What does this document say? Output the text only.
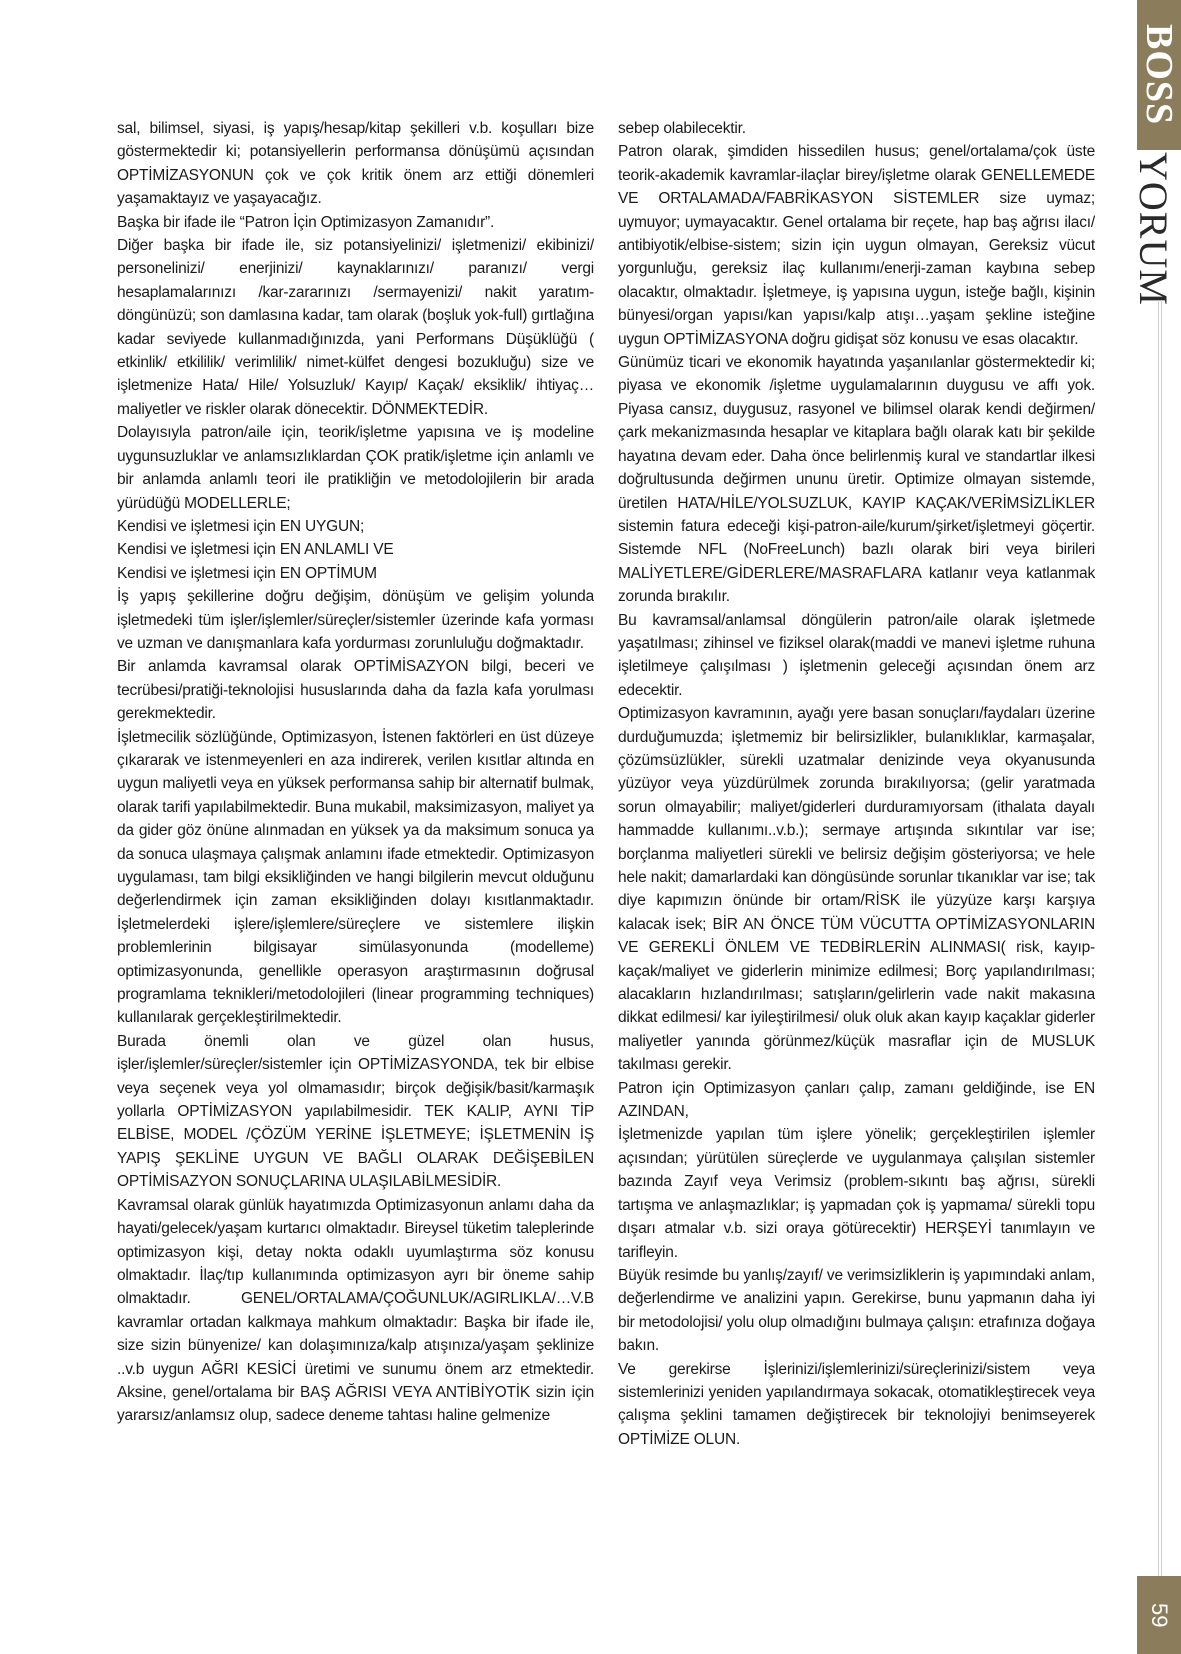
sal, bilimsel, siyasi, iş yapış/hesap/kitap şekilleri v.b. koşulları bize göstermektedir ki; potansiyellerin performansa dönüşümü açısından OPTİMİZASYONUN çok ve çok kritik önem arz ettiği dönemleri yaşamaktayız ve yaşayacağız.

Başka bir ifade ile “Patron İçin Optimizasyon Zamanıdır”.

Diğer başka bir ifade ile, siz potansiyelinizi/ işletmenizi/ ekibinizi/ personelinizi/ enerjinizi/ kaynaklarınızı/ paranızı/ vergi hesaplamalarınızı /kar-zararınızı /sermayenizi/ nakit yaratım-döngünüzü; son damlasına kadar, tam olarak (boşluk yok-full) gırtlağına kadar seviyede kullanmadığınızda, yani Performans Düşüklüğü ( etkinlik/ etkililik/ verimlilik/ nimet-külfet dengesi bozukluğu) size ve işletmenize Hata/ Hile/ Yolsuzluk/ Kayıp/ Kaçak/ eksiklik/ ihtiyaç… maliyetler ve riskler olarak dönecektir. DÖNMEKTEDİR.

Dolayısıyla patron/aile için, teorik/işletme yapısına ve iş modeline uygunsuzluklar ve anlamsızlıklardan ÇOK pratik/işletme için anlamlı ve bir anlamda anlamlı teori ile pratikliğin ve metodolojilerin bir arada yürüdüğü MODELLERLE;

Kendisi ve işletmesi için EN UYGUN;

Kendisi ve işletmesi için EN ANLAMLI VE

Kendisi ve işletmesi için EN OPTİMUM

İş yapış şekillerine doğru değişim, dönüşüm ve gelişim yolunda işletmedeki tüm işler/işlemler/süreçler/sistemler üzerinde kafa yorması ve uzman ve danışmanlara kafa yordurması zorunluluğu doğmaktadır.

Bir anlamda kavramsal olarak OPTİMİSAZYON bilgi, beceri ve tecrübesi/pratiği-teknolojisi hususlarında daha da fazla kafa yorulması gerekmektedir.

İşletmecilik sözlüğünde, Optimizasyon, İstenen faktörleri en üst düzeye çıkararak ve istenmeyenleri en aza indirerek, verilen kısıtlar altında en uygun maliyetli veya en yüksek performansa sahip bir alternatif bulmak, olarak tarifi yapılabilmektedir. Buna mukabil, maksimizasyon, maliyet ya da gider göz önüne alınmadan en yüksek ya da maksimum sonuca ya da sonuca ulaşmaya çalışmak anlamını ifade etmektedir. Optimizasyon uygulaması, tam bilgi eksikliğinden ve hangi bilgilerin mevcut olduğunu değerlendirmek için zaman eksikliğinden dolayı kısıtlanmaktadır. İşletmelerdeki işlere/işlemlere/süreçlere ve sistemlere ilişkin problemlerinin bilgisayar simülasyonunda (modelleme) optimizasyonunda, genellikle operasyon araştırmasının doğrusal programlama teknikleri/metodolojileri (linear programming techniques) kullanılarak gerçekleştirilmektedir.

Burada önemli olan ve güzel olan husus, işler/işlemler/süreçler/sistemler için OPTİMİZASYONDA, tek bir elbise veya seçenek veya yol olmamasıdır; birçok değişik/basit/karmaşık yollarla OPTİMİZASYON yapılabilmesidir. TEK KALIP, AYNI TİP ELBİSE, MODEL /ÇÖZÜM YERİNE İŞLETMEYE; İŞLETMENİN İŞ YAPIŞ ŞEKLİNE UYGUN VE BAĞLI OLARAK DEĞİŞEBİLEN OPTİMİSAZYON SONUÇLARINA ULAŞILABİLMESİDİR.

Kavramsal olarak günlük hayatımızda Optimizasyonun anlamı daha da hayati/gelecek/yaşam kurtarıcı olmaktadır. Bireysel tüketim taleplerinde optimizasyon kişi, detay nokta odaklı uyumlaştırma söz konusu olmaktadır. İlaç/tıp kullanımında optimizasyon ayrı bir öneme sahip olmaktadır. GENEL/ORTALAMA/ÇOĞUNLUK/AGIRLIKLA/…V.B kavramlar ortadan kalkmaya mahkum olmaktadır: Başka bir ifade ile, size sizin bünyenize/ kan dolaşımınıza/kalp atışınıza/yaşam şeklinize ..v.b uygun AĞRI KESİCİ üretimi ve sunumu önem arz etmektedir. Aksine, genel/ortalama bir BAŞ AĞRISI VEYA ANTİBİYOTİK sizin için yararsız/anlamsız olup, sadece deneme tahtası haline gelmenize

sebep olabilecektir.

Patron olarak, şimdiden hissedilen husus; genel/ortalama/çok üste teorik-akademik kavramlar-ilaçlar birey/işletme olarak GENELLEMEDE VE ORTALAMADA/FABRİKASYON SİSTEMLER size uymaz; uymuyor; uymayacaktır. Genel ortalama bir reçete, hap baş ağrısı ilacı/ antibiyotik/elbise-sistem; sizin için uygun olmayan, Gereksiz vücut yorgunluğu, gereksiz ilaç kullanımı/enerji-zaman kaybına sebep olacaktır, olmaktadır. İşletmeye, iş yapısına uygun, isteğe bağlı, kişinin bünyesi/organ yapısı/kan yapısı/kalp atışı…yaşam şekline isteğine uygun OPTİMİZASYONA doğru gidişat söz konusu ve esas olacaktır.

Günümüz ticari ve ekonomik hayatında yaşanılanlar göstermektedir ki; piyasa ve ekonomik /işletme uygulamalarının duygusu ve affı yok. Piyasa cansız, duygusuz, rasyonel ve bilimsel olarak kendi değirmen/çark mekanizmasında hesaplar ve kitaplara bağlı olarak katı bir şekilde hayatına devam eder. Daha önce belirlenmiş kural ve standartlar ilkesi doğrultusunda değirmen ununu üretir. Optimize olmayan sistemde, üretilen HATA/HİLE/YOLSUZLUK, KAYIP KAÇAK/VERİMSİZLİKLER sistemin fatura edeceği kişi-patron-aile/kurum/şirket/işletmeyi göçertir. Sistemde NFL (NoFreeLunch) bazlı olarak biri veya birileri MALİYETLERE/GİDERLERE/MASRAFLARA katlanır veya katlanmak zorunda bırakılır.

Bu kavramsal/anlamsal döngülerin patron/aile olarak işletmede yaşatılması; zihinsel ve fiziksel olarak(maddi ve manevi işletme ruhuna işletilmeye çalışılması ) işletmenin geleceği açısından önem arz edecektir.

Optimizasyon kavramının, ayağı yere basan sonuçları/faydaları üzerine durduğumuzda; işletmemiz bir belirsizlikler, bulanıklıklar, karmaşalar, çözümsüzlükler, sürekli uzatmalar denizinde veya okyanusunda yüzüyor veya yüzdürülmek zorunda bırakılıyorsa; (gelir yaratmada sorun olmayabilir; maliyet/giderleri durduramıyorsam (ithalata dayalı hammadde kullanımı..v.b.); sermaye artışında sıkıntılar var ise; borçlanma maliyetleri sürekli ve belirsiz değişim gösteriyorsa; ve hele hele nakit; damarlardaki kan döngüsünde sorunlar tıkanıklar var ise; tak diye kapımızın önünde bir ortam/RİSK ile yüzyüze karşı karşıya kalacak isek; BİR AN ÖNCE TÜM VÜCUTTA OPTİMİZASYONLARIN VE GEREKLİ ÖNLEM VE TEDBİRLERİN ALINMASI( risk, kayıp-kaçak/maliyet ve giderlerin minimize edilmesi; Borç yapılandırılması; alacakların hızlandırılması; satışların/gelirlerin vade nakit makasına dikkat edilmesi/ kar iyileştirilmesi/ oluk oluk akan kayıp kaçaklar giderler maliyetler yanında görünmez/küçük masraflar için de MUSLUK takılması gerekir.

Patron için Optimizasyon çanları çalıp, zamanı geldiğinde, ise EN AZINDAN,

İşletmenizde yapılan tüm işlere yönelik; gerçekleştirilen işlemler açısından; yürütülen süreçlerde ve uygulanmaya çalışılan sistemler bazında Zayıf veya Verimsiz (problem-sıkıntı baş ağrısı, sürekli tartışma ve anlaşmazlıklar; iş yapmadan çok iş yapmama/ sürekli topu dışarı atmalar v.b. sizi oraya götürecektir) HERŞEYİ tanımlayın ve tarifleyin.

Büyük resimde bu yanlış/zayıf/ ve verimsizliklerin iş yapımındaki anlam, değerlendirme ve analizini yapın. Gerekirse, bunu yapmanın daha iyi bir metodolojisi/ yolu olup olmadığını bulmaya çalışın: etrafınıza doğaya bakın.

Ve gerekirse İşlerinizi/işlemlerinizi/süreçlerinizi/sistem veya sistemlerinizi yeniden yapılandırmaya sokacak, otomatikleştirecek veya çalışma şeklini tamamen değiştirecek bir teknolojiyi benimseyerek OPTİMİZE OLUN.

BOSS
YORUM
59
